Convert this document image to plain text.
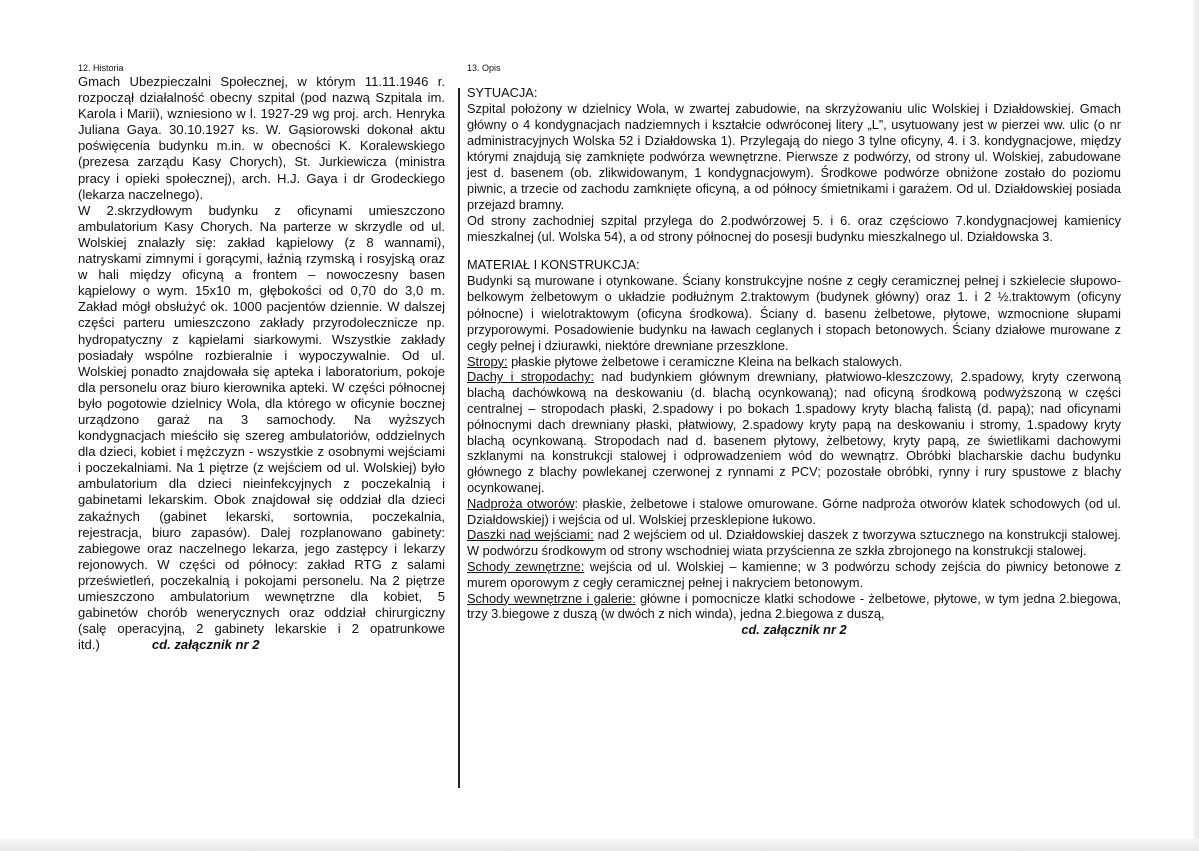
12. Historia

Gmach Ubezpieczalni Społecznej, w którym 11.11.1946 r. rozpoczął działalność obecny szpital (pod nazwą Szpitala im. Karola i Marii), wzniesiono w l. 1927-29 wg proj. arch. Henryka Juliana Gaya. 30.10.1927 ks. W. Gąsiorowski dokonał aktu poświęcenia budynku m.in. w obecności K. Koralewskiego (prezesa zarządu Kasy Chorych), St. Jurkiewicza (ministra pracy i opieki społecznej), arch. H.J. Gaya i dr Grodeckiego (lekarza naczelnego).

W 2.skrzydłowym budynku z oficynami umieszczono ambulatorium Kasy Chorych. Na parterze w skrzydle od ul. Wolskiej znalazły się: zakład kąpielowy (z 8 wannami), natryskami zimnymi i gorącymi, łaźnią rzymską i rosyjską oraz w hali między oficyną a frontem – nowoczesny basen kąpielowy o wym. 15x10 m, głębokości od 0,70 do 3,0 m. Zakład mógł obsłużyć ok. 1000 pacjentów dziennie. W dalszej części parteru umieszczono zakłady przyrodolecznicze np. hydropatyczny z kąpielami siarkowymi. Wszystkie zakłady posiadały wspólne rozbieralnie i wypoczywalnie. Od ul. Wolskiej ponadto znajdowała się apteka i laboratorium, pokoje dla personelu oraz biuro kierownika apteki. W części północnej było pogotowie dzielnicy Wola, dla którego w oficynie bocznej urządzono garaż na 3 samochody. Na wyższych kondygnacjach mieściło się szereg ambulatoriów, oddzielnych dla dzieci, kobiet i mężczyzn - wszystkie z osobnymi wejściami i poczekalniami. Na 1 piętrze (z wejściem od ul. Wolskiej) było ambulatorium dla dzieci nieinfekcyjnych z poczekalnią i gabinetami lekarskim. Obok znajdował się oddział dla dzieci zakaźnych (gabinet lekarski, sortownia, poczekalnia, rejestracja, biuro zapasów). Dalej rozplanowano gabinety: zabiegowe oraz naczelnego lekarza, jego zastępcy i lekarzy rejonowych. W części od północy: zakład RTG z salami prześwietleń, poczekalnią i pokojami personelu. Na 2 piętrze umieszczono ambulatorium wewnętrzne dla kobiet, 5 gabinetów chorób wenerycznych oraz oddział chirurgiczny (salę operacyjną, 2 gabinety lekarskie i 2 opatrunkowe itd.)	cd. załącznik nr 2

13. Opis
SYTUACJA:

Szpital położony w dzielnicy Wola, w zwartej zabudowie, na skrzyżowaniu ulic Wolskiej i Działdowskiej. Gmach główny o 4 kondygnacjach nadziemnych i kształcie odwróconej litery „L”, usytuowany jest w pierzei ww. ulic (o nr administracyjnych Wolska 52 i Działdowska 1). Przylegają do niego 3 tylne oficyny, 4. i 3. kondygnacjowe, między którymi znajdują się zamknięte podwórza wewnętrzne. Pierwsze z podwórzy, od strony ul. Wolskiej, zabudowane jest d. basenem (ob. zlikwidowanym, 1 kondygnacjowym). Środkowe podwórze obniżone zostało do poziomu piwnic, a trzecie od zachodu zamknięte oficyną, a od północy śmietnikami i garażem. Od ul. Działdowskiej posiada przejazd bramny.

Od strony zachodniej szpital przylega do 2.podwórzowej 5. i 6. oraz częściowo 7.kondygnacjowej kamienicy mieszkalnej (ul. Wolska 54), a od strony północnej do posesji budynku mieszkalnego ul. Działdowska 3.

MATERIAŁ I KONSTRUKCJA:

Budynki są murowane i otynkowane. Ściany konstrukcyjne nośne z cegły ceramicznej pełnej i szkielecie słupowo-belkowym żelbetowym o układzie podłużnym 2.traktowym (budynek główny) oraz 1. i 2 ½.traktowym (oficyny północne) i wielotraktowym (oficyna środkowa). Ściany d. basenu żelbetowe, płytowe, wzmocnione słupami przyporowymi. Posadowienie budynku na ławach ceglanych i stopach betonowych. Ściany działowe murowane z cegły pełnej i dziurawki, niektóre drewniane przeszklone.

Stropy: płaskie płytowe żelbetowe i ceramiczne Kleina na belkach stalowych.

Dachy i stropodachy: nad budynkiem głównym drewniany, płatwiowo-kleszczowy, 2.spadowy, kryty czerwoną blachą dachówkową na deskowaniu (d. blachą ocynkowaną); nad oficyną środkową podwyższoną w części centralnej – stropodach płaski, 2.spadowy i po bokach 1.spadowy kryty blachą falistą (d. papą); nad oficynami północnymi dach drewniany płaski, płatwiowy, 2.spadowy kryty papą na deskowaniu i stromy, 1.spadowy kryty blachą ocynkowaną. Stropodach nad d. basenem płytowy, żelbetowy, kryty papą, ze świetlikami dachowymi szklanymi na konstrukcji stalowej i odprowadzeniem wód do wewnątrz. Obróbki blacharskie dachu budynku głównego z blachy powlekanej czerwonej z rynnami z PCV; pozostałe obróbki, rynny i rury spustowe z blachy ocynkowanej.

Nadproża otworów: płaskie, żelbetowe i stalowe omurowane. Górne nadproża otworów klatek schodowych (od ul. Działdowskiej) i wejścia od ul. Wolskiej przesklepione łukowo.

Daszki nad wejściami: nad 2 wejściem od ul. Działdowskiej daszek z tworzywa sztucznego na konstrukcji stalowej. W podwórzu środkowym od strony wschodniej wiata przyścienna ze szkła zbrojonego na konstrukcji stalowej.

Schody zewnętrzne: wejścia od ul. Wolskiej – kamienne; w 3 podwórzu schody zejścia do piwnicy betonowe z murem oporowym z cegły ceramicznej pełnej i nakryciem betonowym.

Schody wewnętrzne i galerie: główne i pomocnicze klatki schodowe - żelbetowe, płytowe, w tym jedna 2.biegowa, trzy 3.biegowe z duszą (w dwóch z nich winda), jedna 2.biegowa z duszą,

cd. załącznik nr 2
